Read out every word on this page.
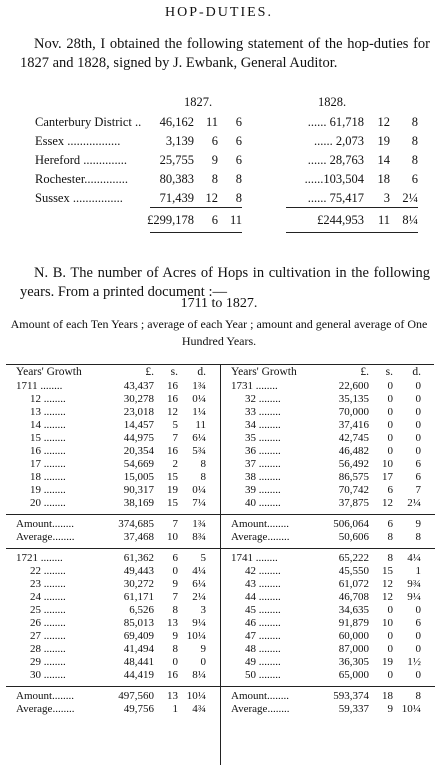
HOP-DUTIES.
Nov. 28th, I obtained the following statement of the hop-duties for 1827 and 1828, signed by J. Ewbank, General Auditor.
1827.	1828.
Canterbury District .. 46,162 11 6	...... 61,718 12 8
Essex .................	3,139 6 6	...... 2,073 19 8
Hereford ..............	25,755 9 6	...... 28,763 14 8
Rochester..............	80,383 8 8	......103,504 18 6
Sussex ................	71,439 12 8	...... 75,417 3 2¼
£299,178 6 11	£244,953 11 8¼
N. B. The number of Acres of Hops in cultivation in the following years. From a printed document :—
1711 to 1827.
Amount of each Ten Years ; average of each Year ; amount and general average of One Hundred Years.
Years' Growth	£. s. d.
1711 ........	43,437 16 1¾
12 ........	30,278 16 0¼
13 ........	23,018 12 1¼
14 ........	14,457 5 11
15 ........	44,975 7 6¼
16 ........	20,354 16 5¾
17 ........	54,669 2 8
18 ........	15,005 15 8
19 ........	90,317 19 0¼
20 ........	38,169 15 7¼
Amount........	374,685 7 1¾
Average........	37,468 10 8¾
1721 ........	61,362 6 5
22 ........	49,443 0 4¼
23 ........	30,272 9 6¼
24 ........	61,171 7 2¼
25 ........	6,526 8 3
26 ........	85,013 13 9¼
27 ........	69,409 9 10¼
28 ........	41,494 8 9
29 ........	48,441 0 0
30 ........	44,419 16 8¼
Amount........	497,560 13 10¼
Average........	49,756 1 4¾
Years' Growth	£. s. d.
1731 ........	22,600 0 0
32 ........	35,135 0 0
33 ........	70,000 0 0
34 ........	37,416 0 0
35 ........	42,745 0 0
36 ........	46,482 0 0
37 ........	56,492 10 6
38 ........	86,575 17 6
39 ........	70,742 6 7
40 ........	37,875 12 2¼
Amount........	506,064 6 9
Average........	50,606 8 8
1741 ........	65,222 8 4¼
42 ........	45,550 15 1
43 ........	61,072 12 9¾
44 ........	46,708 12 9¼
45 ........	34,635 0 0
46 ........	91,879 10 6
47 ........	60,000 0 0
48 ........	87,000 0 0
49 ........	36,305 19 1½
50 ........	65,000 0 0
Amount........	593,374 18 8
Average........	59,337 9 10¼
